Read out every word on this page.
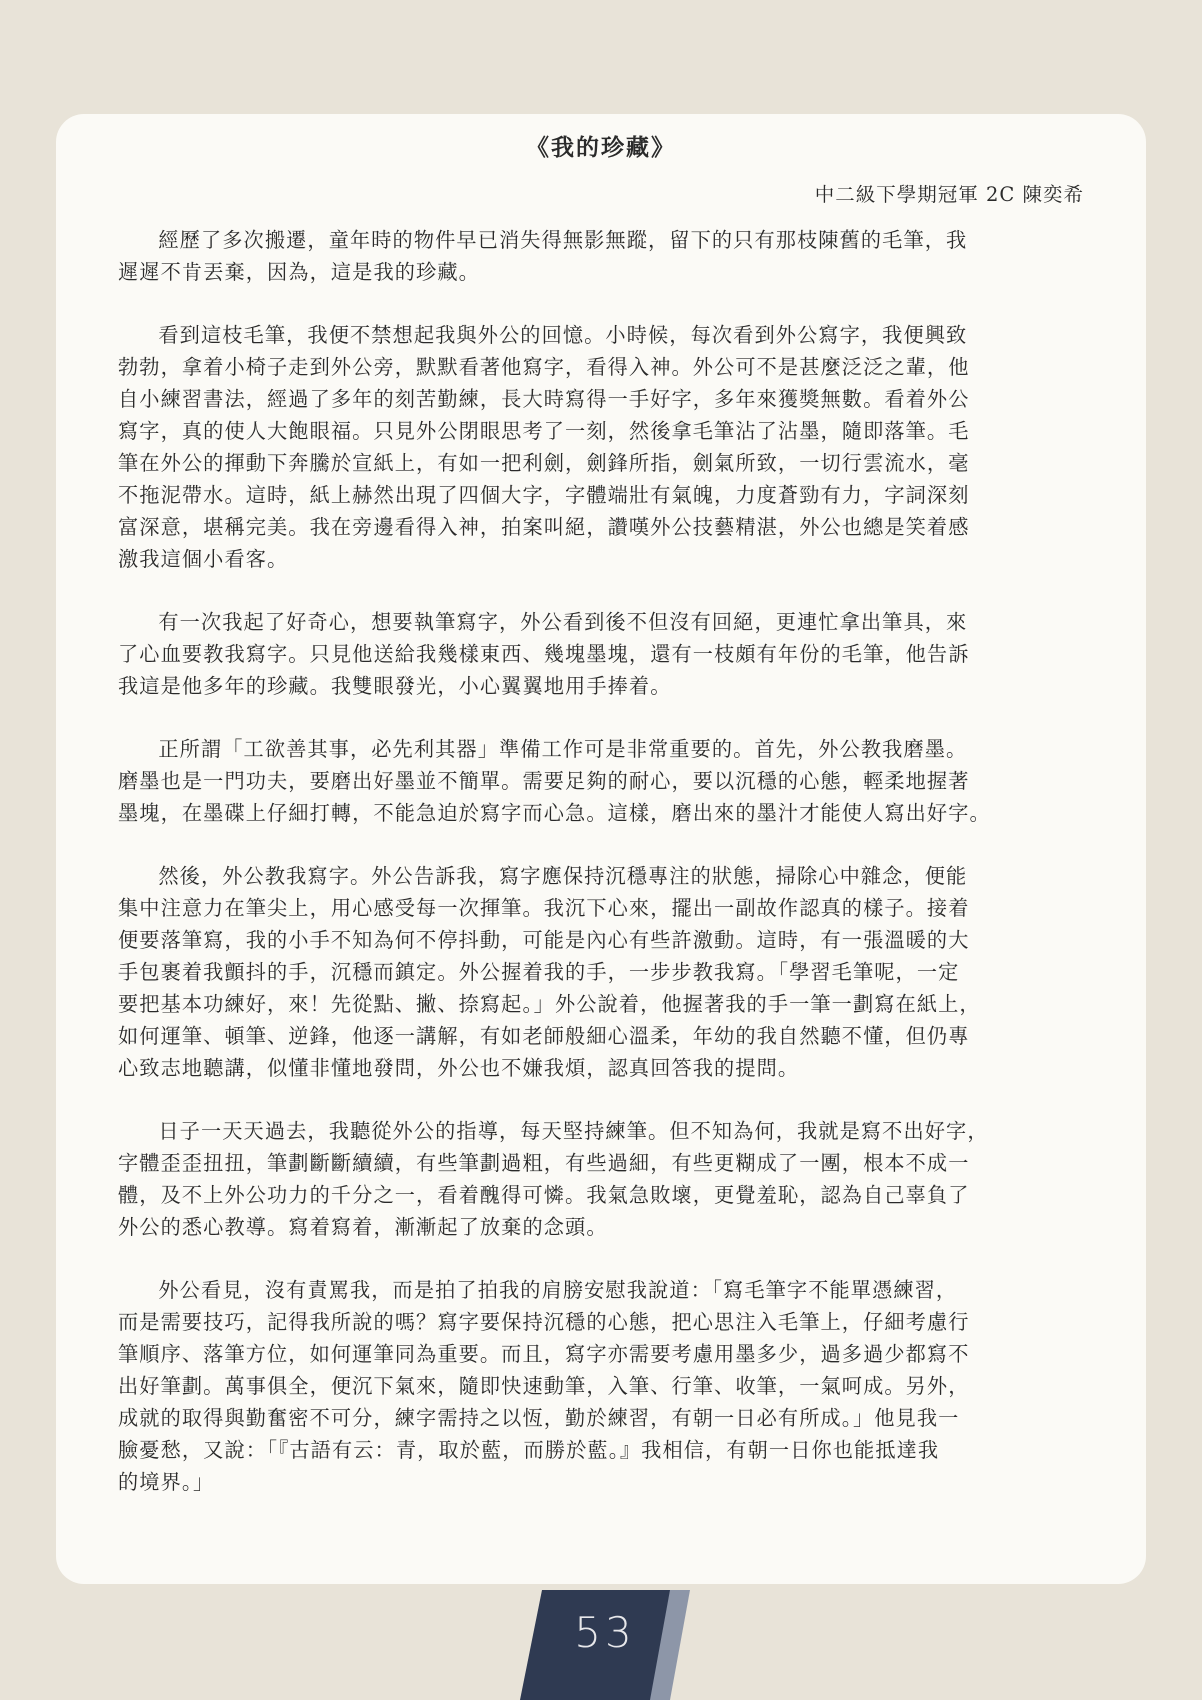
《我的珍藏》
中二級下學期冠軍 2C 陳奕希

經歷了多次搬遷，童年時的物件早已消失得無影無蹤，留下的只有那枝陳舊的毛筆，我
遲遲不肯丟棄，因為，這是我的珍藏。

看到這枝毛筆，我便不禁想起我與外公的回憶。小時候，每次看到外公寫字，我便興致
勃勃，拿着小椅子走到外公旁，默默看著他寫字，看得入神。外公可不是甚麼泛泛之輩，他
自小練習書法，經過了多年的刻苦勤練，長大時寫得一手好字，多年來獲獎無數。看着外公
寫字，真的使人大飽眼福。只見外公閉眼思考了一刻，然後拿毛筆沾了沾墨，隨即落筆。毛
筆在外公的揮動下奔騰於宣紙上，有如一把利劍，劍鋒所指，劍氣所致，一切行雲流水，毫
不拖泥帶水。這時，紙上赫然出現了四個大字，字體端壯有氣魄，力度蒼勁有力，字詞深刻
富深意，堪稱完美。我在旁邊看得入神，拍案叫絕，讚嘆外公技藝精湛，外公也總是笑着感
激我這個小看客。

有一次我起了好奇心，想要執筆寫字，外公看到後不但沒有回絕，更連忙拿出筆具，來
了心血要教我寫字。只見他送給我幾樣東西、幾塊墨塊，還有一枝頗有年份的毛筆，他告訴
我這是他多年的珍藏。我雙眼發光，小心翼翼地用手捧着。

正所謂「工欲善其事，必先利其器」準備工作可是非常重要的。首先，外公教我磨墨。
磨墨也是一門功夫，要磨出好墨並不簡單。需要足夠的耐心，要以沉穩的心態，輕柔地握著
墨塊，在墨碟上仔細打轉，不能急迫於寫字而心急。這樣，磨出來的墨汁才能使人寫出好字。

然後，外公教我寫字。外公告訴我，寫字應保持沉穩專注的狀態，掃除心中雜念，便能
集中注意力在筆尖上，用心感受每一次揮筆。我沉下心來，擺出一副故作認真的樣子。接着
便要落筆寫，我的小手不知為何不停抖動，可能是內心有些許激動。這時，有一張溫暖的大
手包裹着我顫抖的手，沉穩而鎮定。外公握着我的手，一步步教我寫。「學習毛筆呢，一定
要把基本功練好，來！先從點、撇、捺寫起。」外公說着，他握著我的手一筆一劃寫在紙上，
如何運筆、頓筆、逆鋒，他逐一講解，有如老師般細心溫柔，年幼的我自然聽不懂，但仍專
心致志地聽講，似懂非懂地發問，外公也不嫌我煩，認真回答我的提問。

日子一天天過去，我聽從外公的指導，每天堅持練筆。但不知為何，我就是寫不出好字，
字體歪歪扭扭，筆劃斷斷續續，有些筆劃過粗，有些過細，有些更糊成了一團，根本不成一
體，及不上外公功力的千分之一，看着醜得可憐。我氣急敗壞，更覺羞恥，認為自己辜負了
外公的悉心教導。寫着寫着，漸漸起了放棄的念頭。

外公看見，沒有責罵我，而是拍了拍我的肩膀安慰我說道：「寫毛筆字不能單憑練習，
而是需要技巧，記得我所說的嗎？寫字要保持沉穩的心態，把心思注入毛筆上，仔細考慮行
筆順序、落筆方位，如何運筆同為重要。而且，寫字亦需要考慮用墨多少，過多過少都寫不
出好筆劃。萬事俱全，便沉下氣來，隨即快速動筆，入筆、行筆、收筆，一氣呵成。另外，
成就的取得與勤奮密不可分，練字需持之以恆，勤於練習，有朝一日必有所成。」他見我一
臉憂愁，又說：「『古語有云：青，取於藍，而勝於藍。』我相信，有朝一日你也能抵達我
的境界。」

53
